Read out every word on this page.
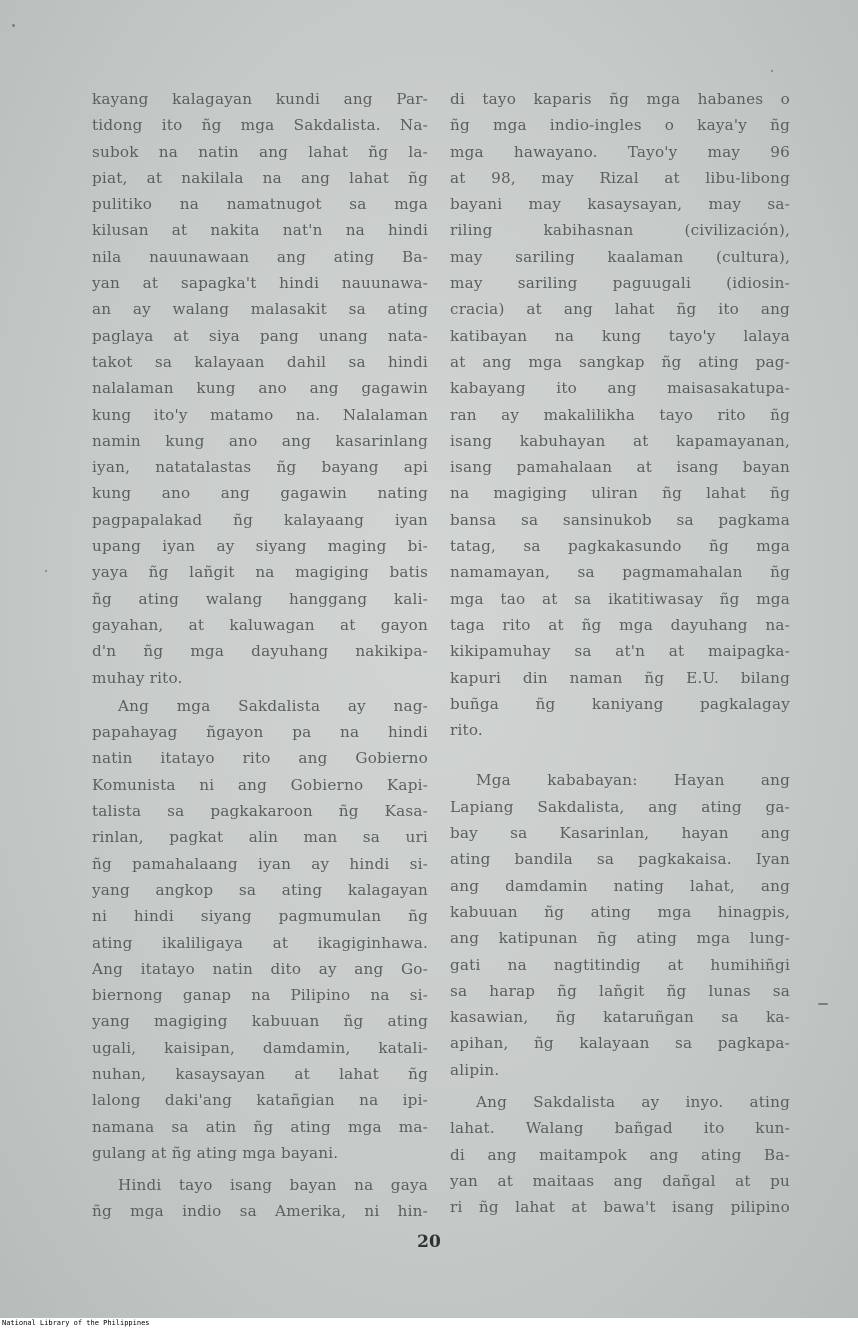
kayang kalagayan kundi ang Par-
tidong ito ñg mga Sakdalista. Na-
subok na natin ang lahat ñg la-
piat, at nakilala na ang lahat ñg
pulitiko na namatnugot sa mga
kilusan at nakita nat'n na hindi
nila nauunawaan ang ating Ba-
yan at sapagka't hindi nauunawa-
an ay walang malasakit sa ating
paglaya at siya pang unang nata-
takot sa kalayaan dahil sa hindi
nalalaman kung ano ang gagawin
kung ito'y matamo na. Nalalaman
namin kung ano ang kasarinlang
iyan, natatalastas ñg bayang api
kung ano ang gagawin nating
pagpapalakad ñg kalayaang iyan
upang iyan ay siyang maging bi-
yaya ñg lañgit na magiging batis
ñg ating walang hanggang kali-
gayahan, at kaluwagan at gayon
d'n ñg mga dayuhang nakikipa-
muhay rito.
Ang mga Sakdalista ay nag-
papahayag ñgayon pa na hindi
natin itatayo rito ang Gobierno
Komunista ni ang Gobierno Kapi-
talista sa pagkakaroon ñg Kasa-
rinlan, pagkat alin man sa uri
ñg pamahalaang iyan ay hindi si-
yang angkop sa ating kalagayan
ni hindi siyang pagmumulan ñg
ating ikaliligaya at ikagiginhawa.
Ang itatayo natin dito ay ang Go-
biernong ganap na Pilipino na si-
yang magiging kabuuan ñg ating
ugali, kaisipan, damdamin, katali-
nuhan, kasaysayan at lahat ñg
lalong daki'ang katañgian na ipi-
namana sa atin ñg ating mga ma-
gulang at ñg ating mga bayani.
Hindi tayo isang bayan na gaya
ñg mga indio sa Amerika, ni hin-
di tayo kaparis ñg mga habanes o
ñg mga indio-ingles o kaya'y ñg
mga hawayano. Tayo'y may 96
at 98, may Rizal at libu-libong
bayani may kasaysayan, may sa-
riling kabihasnan (civilización),
may sariling kaalaman (cultura),
may sariling paguugali (idiosin-
cracia) at ang lahat ñg ito ang
katibayan na kung tayo'y lalaya
at ang mga sangkap ñg ating pag-
kabayang ito ang maisasakatupa-
ran ay makalilikha tayo rito ñg
isang kabuhayan at kapamayanan,
isang pamahalaan at isang bayan
na magiging uliran ñg lahat ñg
bansa sa sansinukob sa pagkama
tatag, sa pagkakasundo ñg mga
namamayan, sa pagmamahalan ñg
mga tao at sa ikatitiwasay ñg mga
taga rito at ñg mga dayuhang na-
kikipamuhay sa at'n at maipagka-
kapuri din naman ñg E.U. bilang
buñga ñg kaniyang pagkalagay
rito.
Mga kababayan: Hayan ang
Lapiang Sakdalista, ang ating ga-
bay sa Kasarinlan, hayan ang
ating bandila sa pagkakaisa. Iyan
ang damdamin nating lahat, ang
kabuuan ñg ating mga hinagpis,
ang katipunan ñg ating mga lung-
gati na nagtitindig at humihiñgi
sa harap ñg lañgit ñg lunas sa
kasawian, ñg kataruñgan sa ka-
apihan, ñg kalayaan sa pagkapa-
alipin.
Ang Sakdalista ay inyo. ating
lahat. Walang bañgad ito kun-
di ang maitampok ang ating Ba-
yan at maitaas ang dañgal at pu
ri ñg lahat at bawa't isang pilipino
20
National Library of the Philippines
